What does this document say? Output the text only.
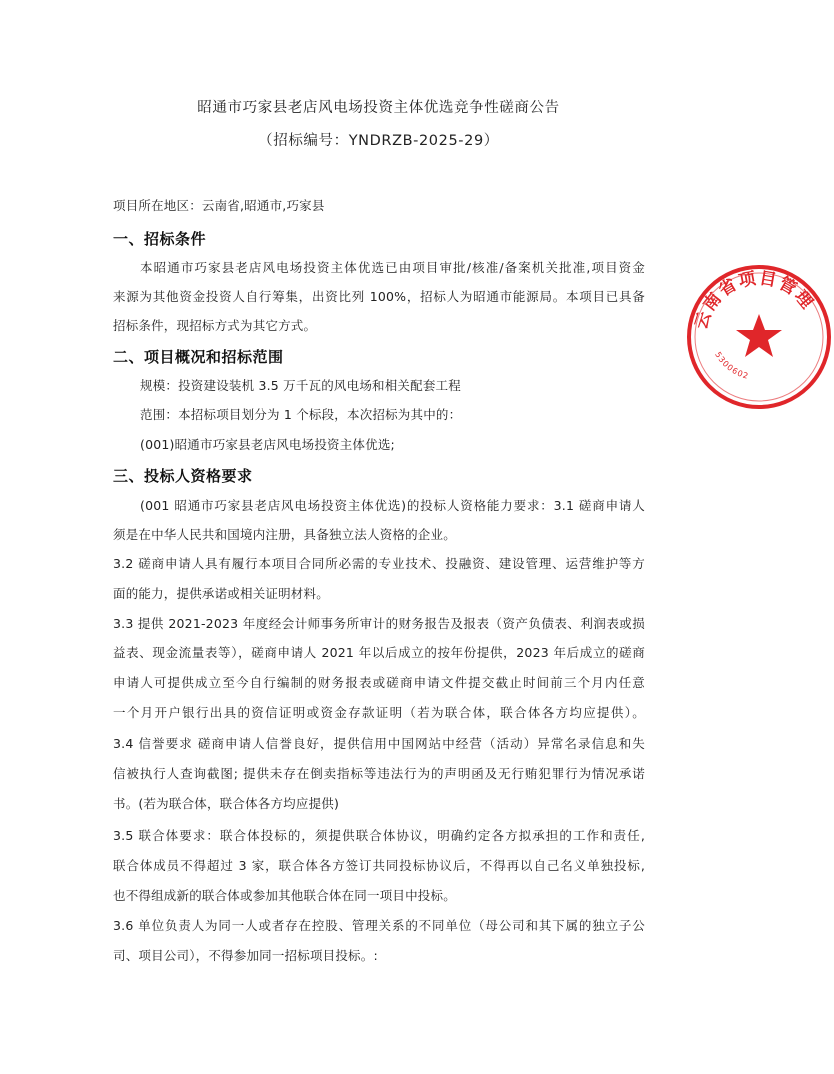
昭通市巧家县老店风电场投资主体优选竞争性磋商公告
（招标编号：YNDRZB-2025-29）
项目所在地区：云南省,昭通市,巧家县
一、招标条件
本昭通市巧家县老店风电场投资主体优选已由项目审批/核准/备案机关批准,项目资金
来源为其他资金投资人自行筹集，出资比列 100%，招标人为昭通市能源局。本项目已具备
招标条件，现招标方式为其它方式。
二、项目概况和招标范围
规模：投资建设装机 3.5 万千瓦的风电场和相关配套工程
范围：本招标项目划分为 1 个标段，本次招标为其中的：
(001)昭通市巧家县老店风电场投资主体优选;
三、投标人资格要求
(001 昭通市巧家县老店风电场投资主体优选)的投标人资格能力要求：3.1 磋商申请人
须是在中华人民共和国境内注册，具备独立法人资格的企业。
3.2 磋商申请人具有履行本项目合同所必需的专业技术、投融资、建设管理、运营维护等方
面的能力，提供承诺或相关证明材料。
3.3 提供 2021-2023 年度经会计师事务所审计的财务报告及报表（资产负债表、利润表或损
益表、现金流量表等），磋商申请人 2021 年以后成立的按年份提供，2023 年后成立的磋商
申请人可提供成立至今自行编制的财务报表或磋商申请文件提交截止时间前三个月内任意
一个月开户银行出具的资信证明或资金存款证明（若为联合体，联合体各方均应提供）。
3.4 信誉要求 磋商申请人信誉良好，提供信用中国网站中经营（活动）异常名录信息和失
信被执行人查询截图; 提供未存在倒卖指标等违法行为的声明函及无行贿犯罪行为情况承诺
书。(若为联合体，联合体各方均应提供)
3.5 联合体要求：联合体投标的，须提供联合体协议，明确约定各方拟承担的工作和责任,
联合体成员不得超过 3 家，联合体各方签订共同投标协议后，不得再以自己名义单独投标,
也不得组成新的联合体或参加其他联合体在同一项目中投标。
3.6 单位负责人为同一人或者存在控股、管理关系的不同单位（母公司和其下属的独立子公
司、项目公司），不得参加同一招标项目投标。:
云南省项目管理
5300602
